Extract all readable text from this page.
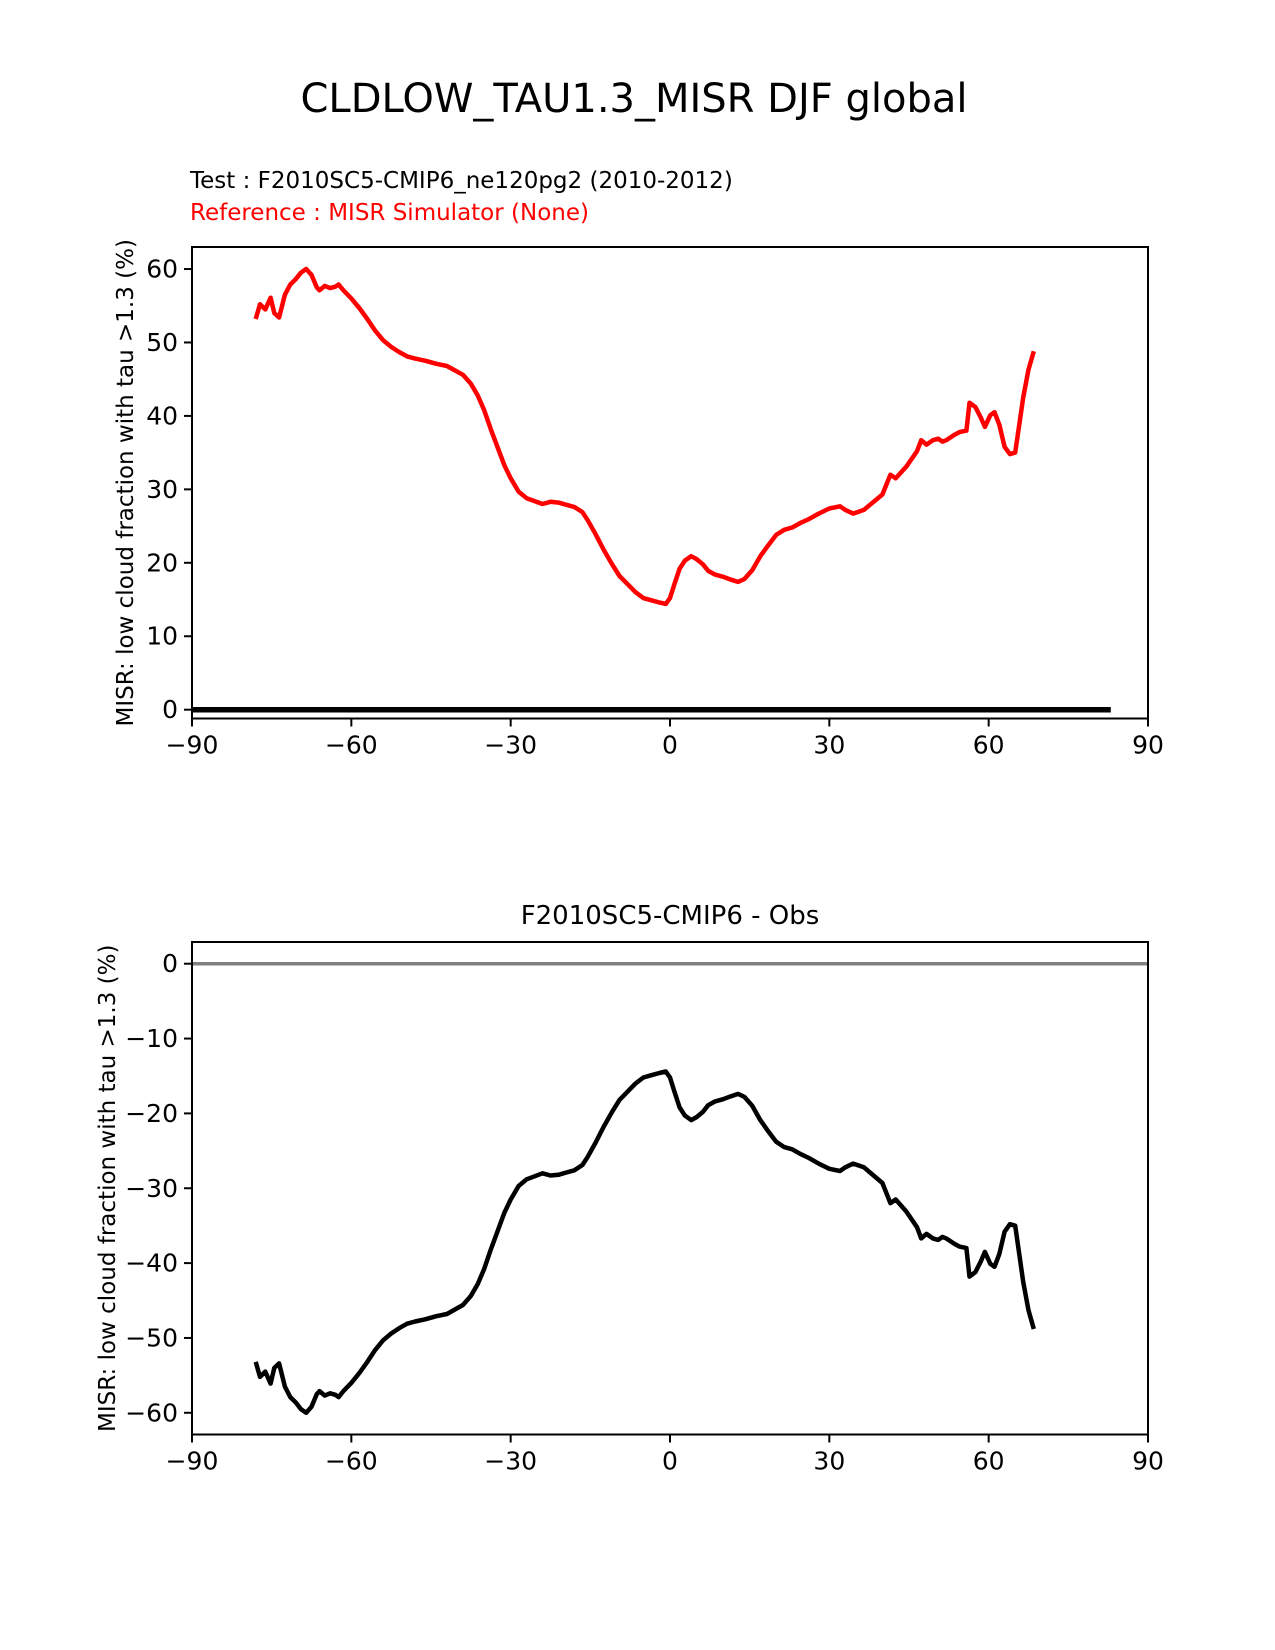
−90	−60	−30	0	30	60	90
0
10
20
30
40
50
60
MISR: low cloud fraction with tau >1.3 (%)
−90	−60	−30	0	30	60	90
0
−10
−20
−30
−40
−50
−60
MISR: low cloud fraction with tau >1.3 (%)
CLDLOW_TAU1.3_MISR DJF global
Test : F2010SC5-CMIP6_ne120pg2 (2010-2012)
Reference : MISR Simulator (None)
F2010SC5-CMIP6 - Obs
